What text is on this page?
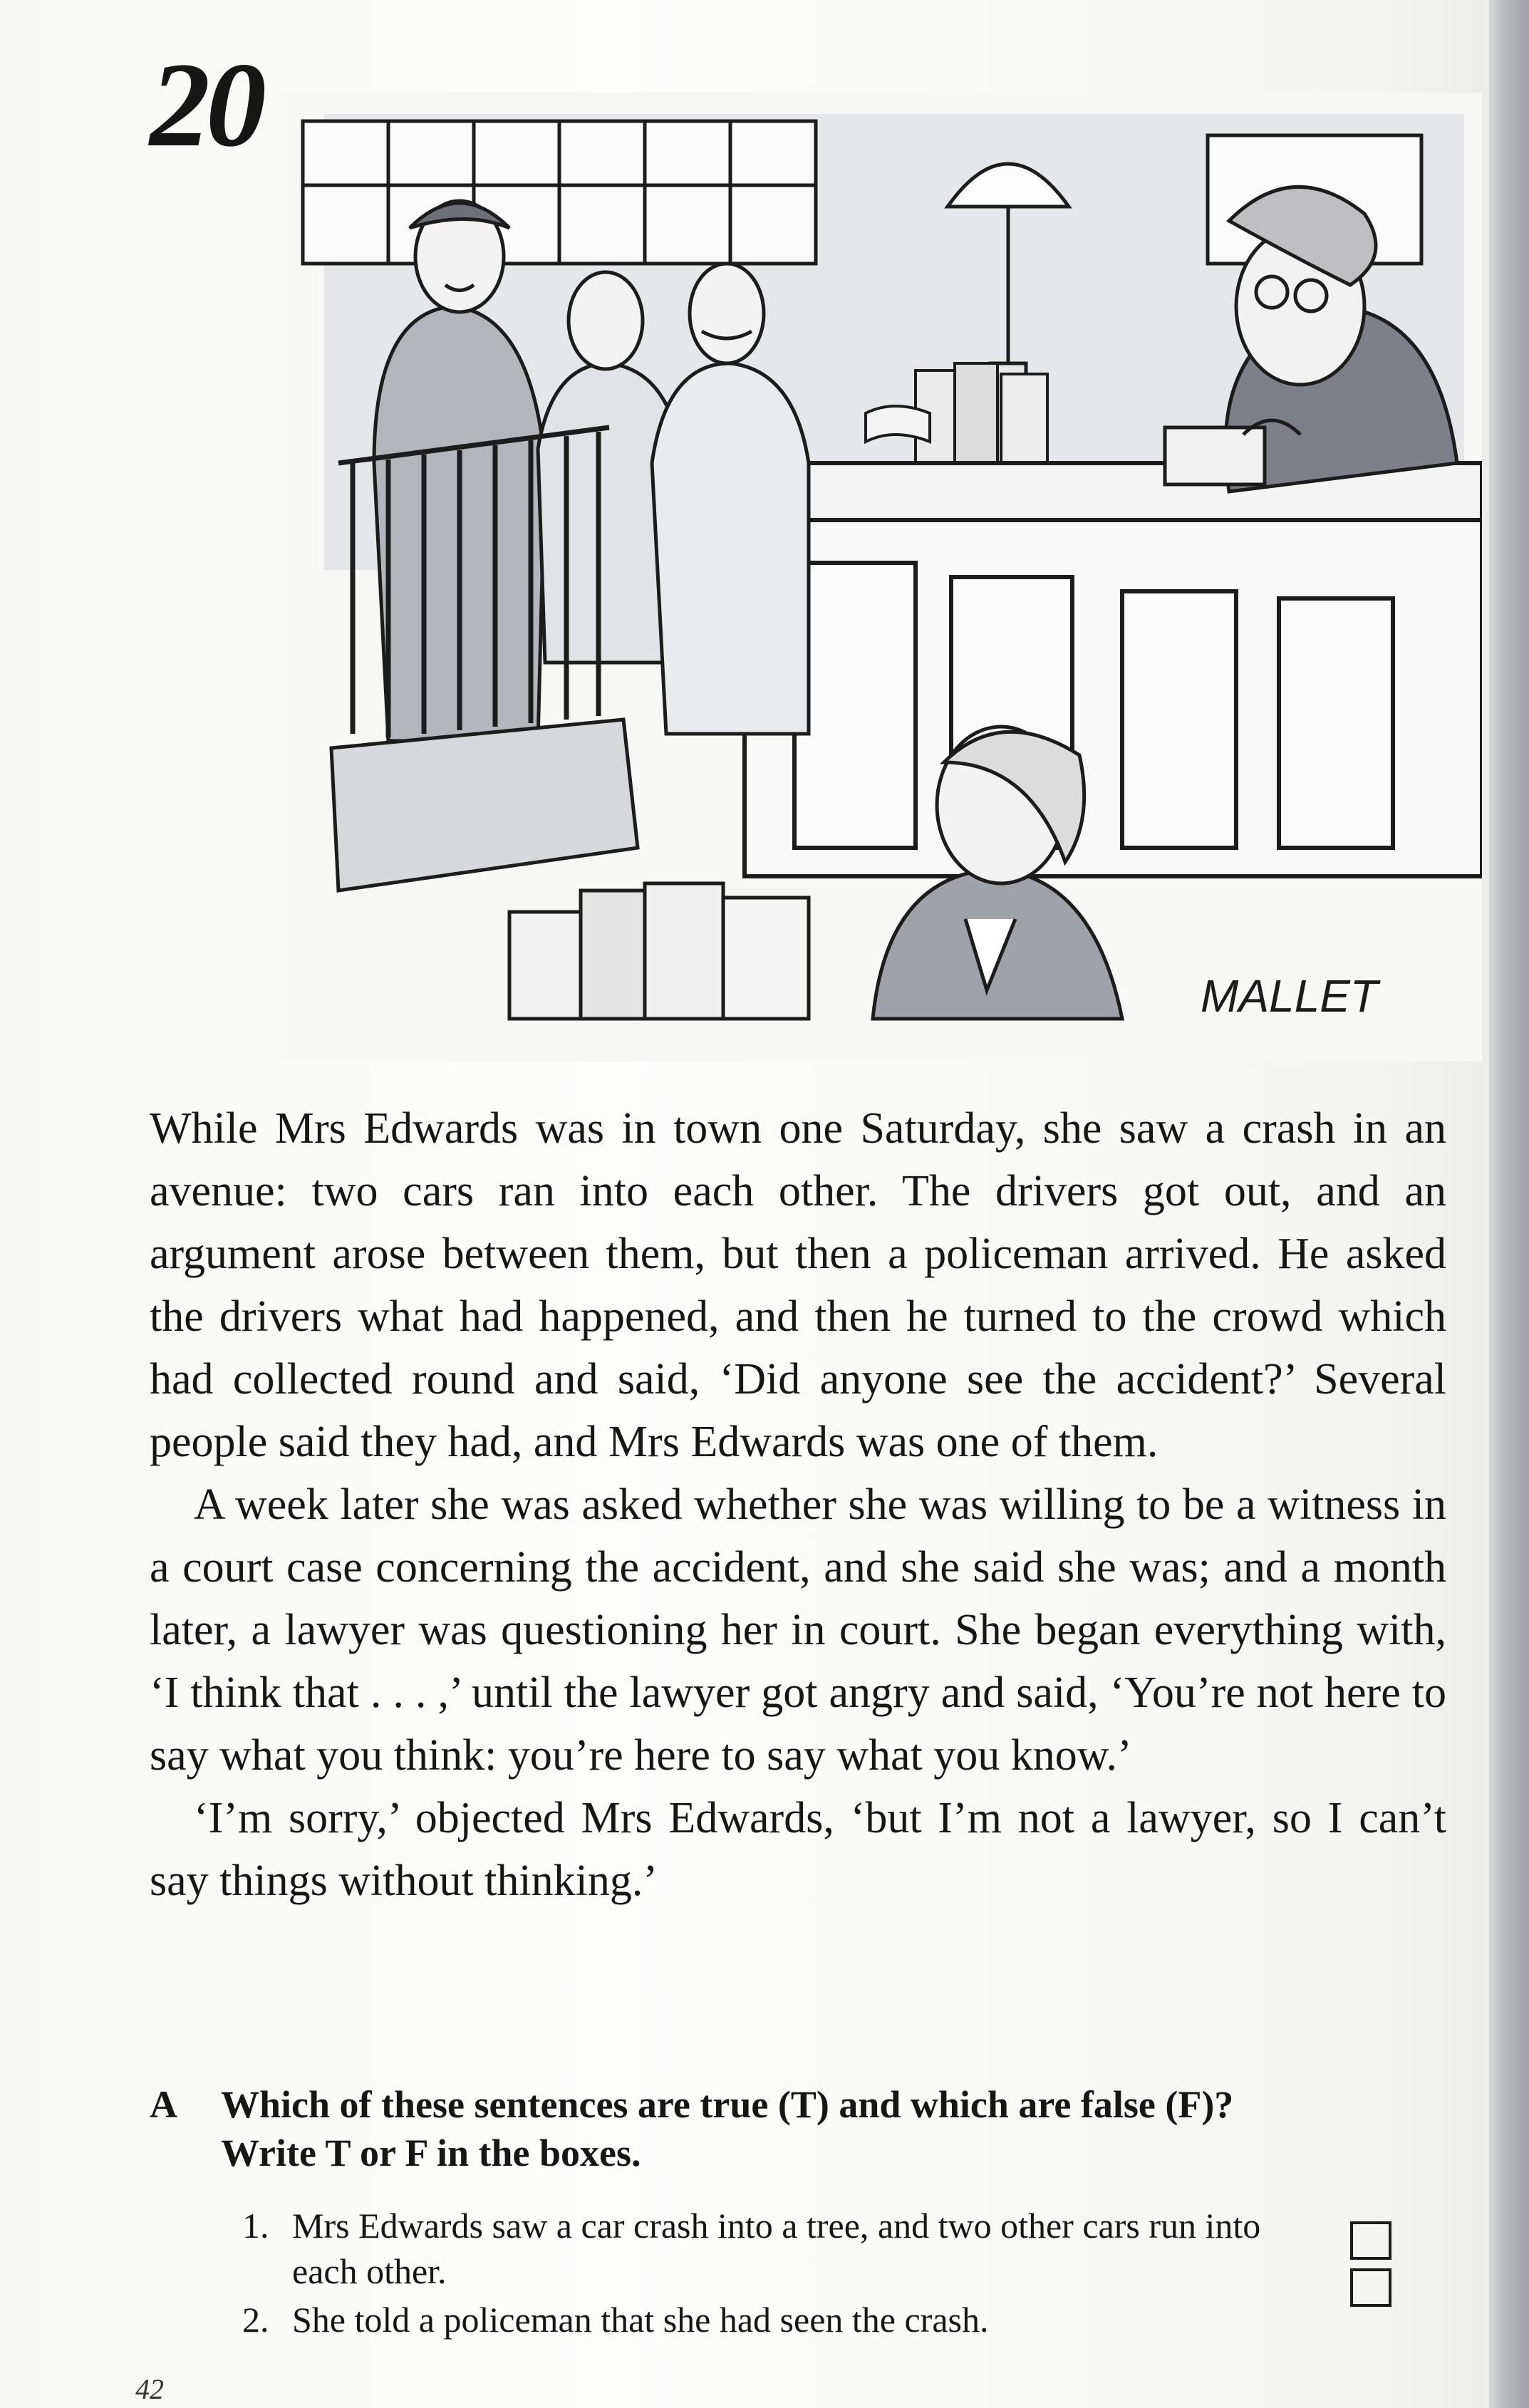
20
MALLET

While Mrs Edwards was in town one Saturday, she saw a crash in an avenue: two cars ran into each other. The drivers got out, and an argument arose between them, but then a policeman arrived. He asked the drivers what had happened, and then he turned to the crowd which had collected round and said, ‘Did anyone see the accident?’ Several people said they had, and Mrs Edwards was one of them.

A week later she was asked whether she was willing to be a witness in a court case concerning the accident, and she said she was; and a month later, a lawyer was questioning her in court. She began everything with, ‘I think that . . . ,’ until the lawyer got angry and said, ‘You’re not here to say what you think: you’re here to say what you know.’

‘I’m sorry,’ objected Mrs Edwards, ‘but I’m not a lawyer, so I can’t say things without thinking.’

A	Which of these sentences are true (T) and which are false (F)?
Write T or F in the boxes.
1. Mrs Edwards saw a car crash into a tree, and two other cars run into each other.
2. She told a policeman that she had seen the crash.
42
